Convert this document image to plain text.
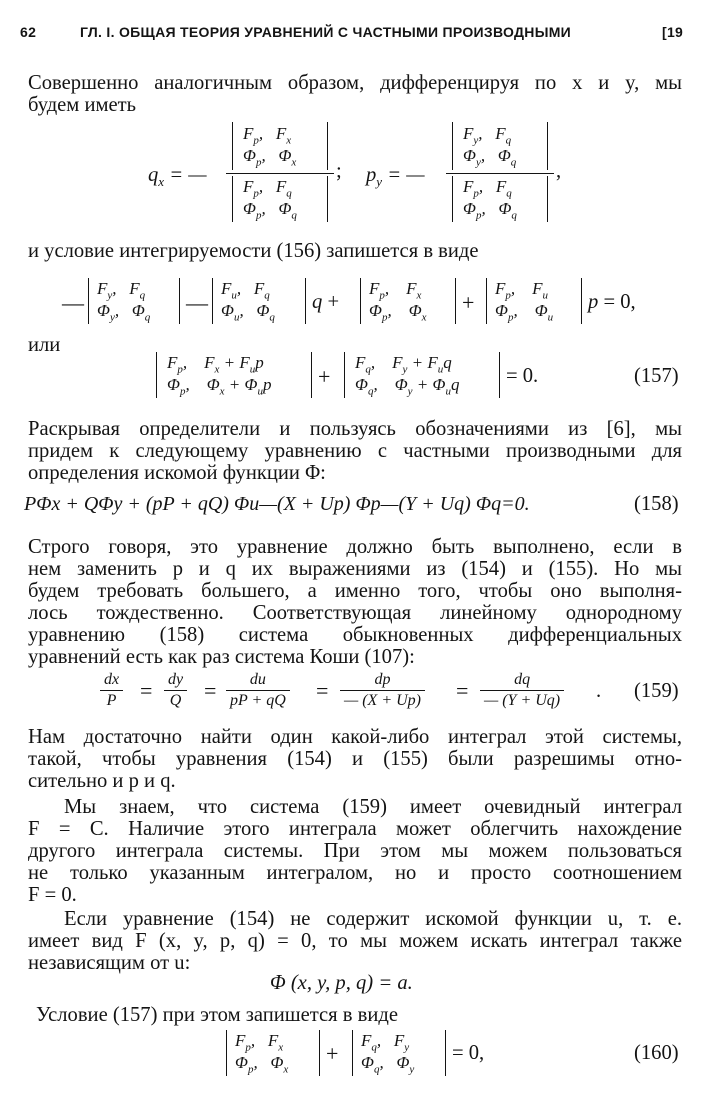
62	ГЛ. I. ОБЩАЯ ТЕОРИЯ УРАВНЕНИЙ С ЧАСТНЫМИ ПРОИЗВОДНЫМИ	[19
Совершенно аналогичным образом, дифференцируя по x и y, мы
будем иметь
$q_x$ = —
$F_p$,   $F_x$
$\Phi_p$,   $\Phi_x$
$F_p$,   $F_q$
$\Phi_p$,   $\Phi_q$
; $p_y$ = —
$F_y$,   $F_q$
$\Phi_y$,   $\Phi_q$
$F_p$,   $F_q$
$\Phi_p$,   $\Phi_q$
,
и условие интегрируемости (156) запишется в виде
—
$F_y$,   $F_q$
$\Phi_y$,   $\Phi_q$
—
$F_u$,   $F_q$
$\Phi_u$,   $\Phi_q$
q +
$F_p$,    $F_x$
$\Phi_p$,    $\Phi_x$
+
$F_p$,    $F_u$
$\Phi_p$,    $\Phi_u$
p = 0,
или
$F_p$,    $F_x + F_up$
$\Phi_p$,    $\Phi_x + \Phi_up$ +
$F_q$,    $F_y + F_uq$
$\Phi_q$,    $\Phi_y + \Phi_uq = 0$.	(157)
Раскрывая определители и пользуясь обозначениями из [6], мы
придем к следующему уравнению с частными производными для
определения искомой функции Φ:
PΦx + QΦy + (pP + qQ) Φu—(X + Up) Φp—(Y + Uq) Φq=0.	(158)
Строго говоря, это уравнение должно быть выполнено, если в
нем заменить p и q их выражениями из (154) и (155). Но мы
будем требовать большего, а именно того, чтобы оно выполня-
лось тождественно. Соответствующая линейному однородному
уравнению (158) система обыкновенных дифференциальных
уравнений есть как раз система Коши (107):
dx
P = dy
Q = du
pP + qQ =	dp
— (X + Up) =	dq
— (Y + Uq) . (159)
Нам достаточно найти один какой-либо интеграл этой системы,
такой, чтобы уравнения (154) и (155) были разрешимы отно-
сительно и p и q.
Мы знаем, что система (159) имеет очевидный интеграл
F = C. Наличие этого интеграла может облегчить нахождение
другого интеграла системы. При этом мы можем пользоваться
не только указанным интегралом, но и просто соотношением
F = 0.
Если уравнение (154) не содержит искомой функции u, т. е.
имеет вид F (x, y, p, q) = 0, то мы можем искать интеграл также
независящим от u:
Φ (x, y, p, q) = a.
Условие (157) при этом запишется в виде
$F_p$,   $F_x$
$\Phi_p$,   $\Phi_x$
+
$F_q$,   $F_y$
$\Phi_q$,   $\Phi_y$
= 0,	(160)
